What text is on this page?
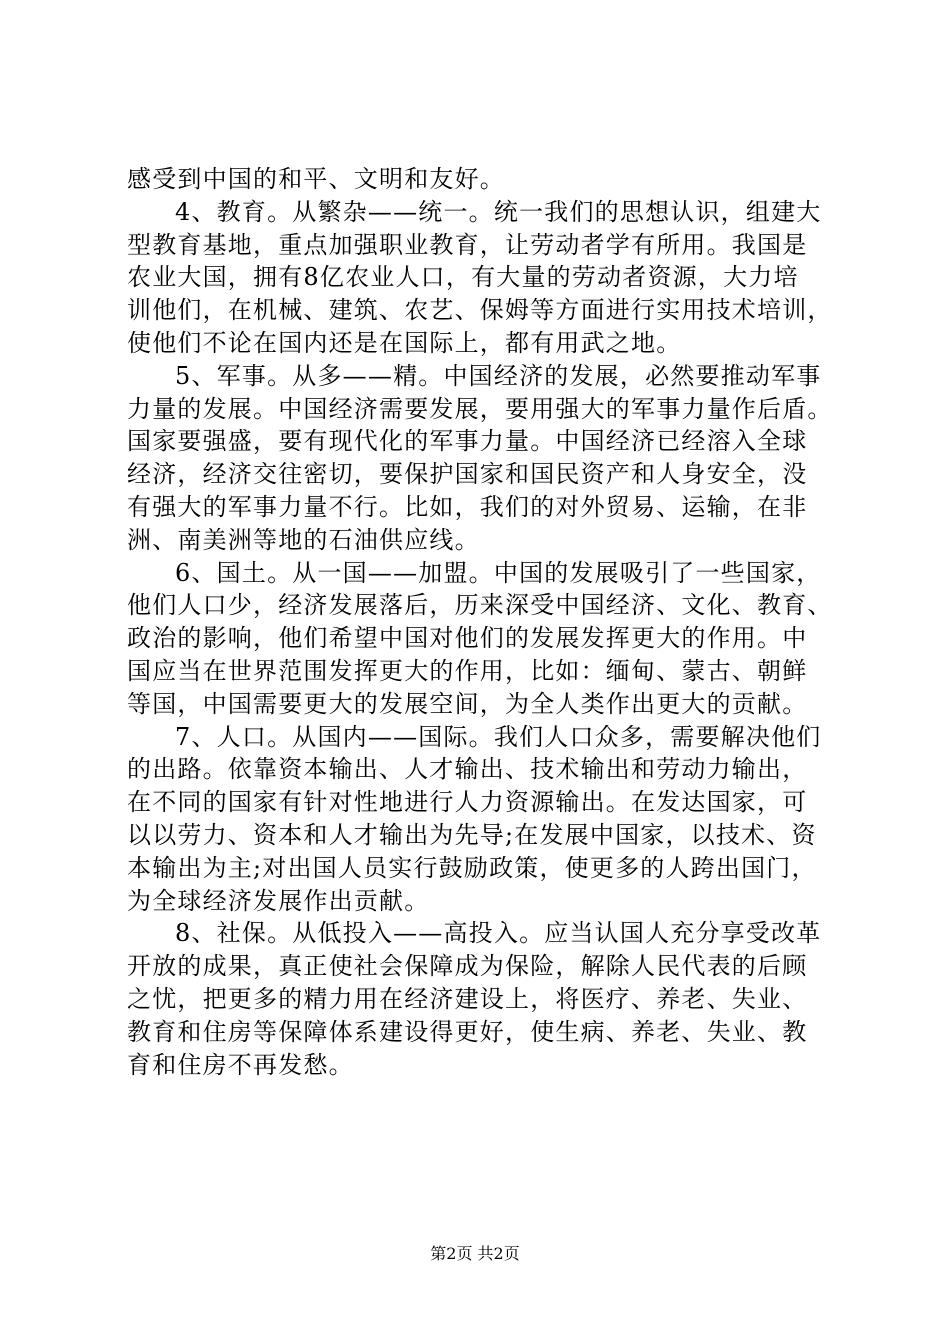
感受到中国的和平、文明和友好。
4、教育。从繁杂——统一。统一我们的思想认识，组建大
型教育基地，重点加强职业教育，让劳动者学有所用。我国是
农业大国，拥有8亿农业人口，有大量的劳动者资源，大力培
训他们，在机械、建筑、农艺、保姆等方面进行实用技术培训，
使他们不论在国内还是在国际上，都有用武之地。
5、军事。从多——精。中国经济的发展，必然要推动军事
力量的发展。中国经济需要发展，要用强大的军事力量作后盾。
国家要强盛，要有现代化的军事力量。中国经济已经溶入全球
经济，经济交往密切，要保护国家和国民资产和人身安全，没
有强大的军事力量不行。比如，我们的对外贸易、运输，在非
洲、南美洲等地的石油供应线。
6、国土。从一国——加盟。中国的发展吸引了一些国家，
他们人口少，经济发展落后，历来深受中国经济、文化、教育、
政治的影响，他们希望中国对他们的发展发挥更大的作用。中
国应当在世界范围发挥更大的作用，比如：缅甸、蒙古、朝鲜
等国，中国需要更大的发展空间，为全人类作出更大的贡献。
7、人口。从国内——国际。我们人口众多，需要解决他们
的出路。依靠资本输出、人才输出、技术输出和劳动力输出，
在不同的国家有针对性地进行人力资源输出。在发达国家，可
以以劳力、资本和人才输出为先导;在发展中国家，以技术、资
本输出为主;对出国人员实行鼓励政策，使更多的人跨出国门，
为全球经济发展作出贡献。
8、社保。从低投入——高投入。应当认国人充分享受改革
开放的成果，真正使社会保障成为保险，解除人民代表的后顾
之忧，把更多的精力用在经济建设上，将医疗、养老、失业、
教育和住房等保障体系建设得更好，使生病、养老、失业、教
育和住房不再发愁。
第2页 共2页
